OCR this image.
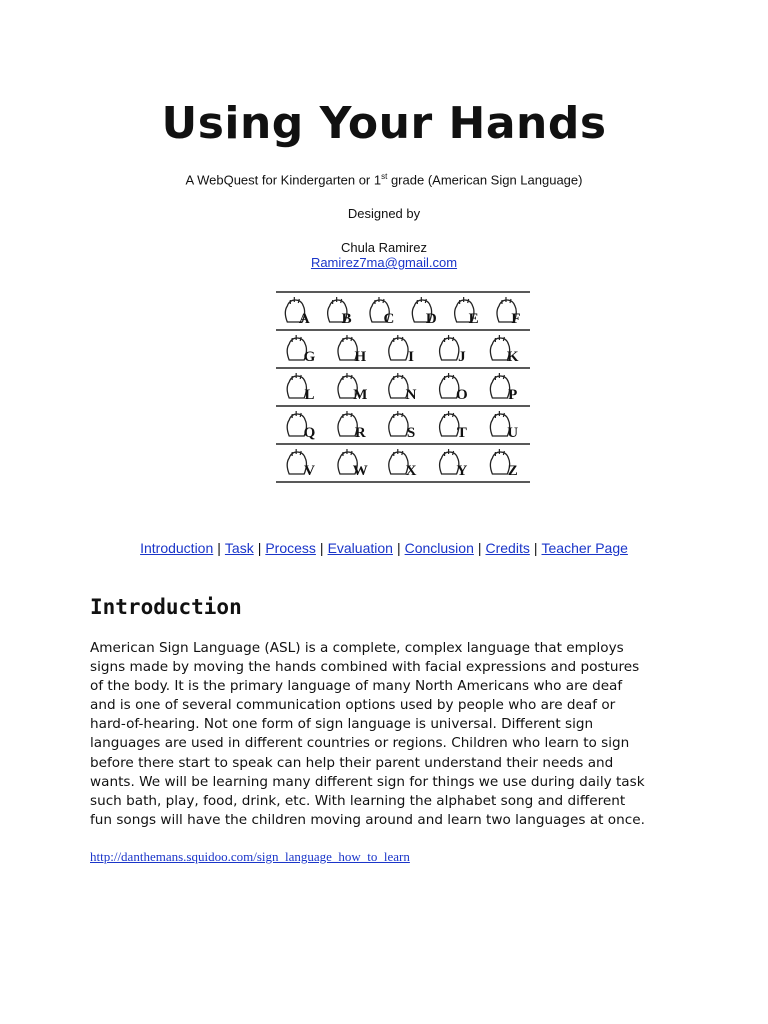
Using Your Hands
A WebQuest for Kindergarten or 1st grade (American Sign Language)
Designed by
Chula Ramirez
Ramirez7ma@gmail.com
A B C D E F
G	H	I	J	K
L	M	N	O	P
Q	R	S	T	U
V	W	X	Y	Z
Introduction | Task | Process | Evaluation | Conclusion | Credits | Teacher Page
Introduction

American Sign Language (ASL) is a complete, complex language that employs
signs made by moving the hands combined with facial expressions and postures
of the body. It is the primary language of many North Americans who are deaf
and is one of several communication options used by people who are deaf or
hard-of-hearing. Not one form of sign language is universal. Different sign
languages are used in different countries or regions. Children who learn to sign
before there start to speak can help their parent understand their needs and
wants. We will be learning many different sign for things we use during daily task
such bath, play, food, drink, etc. With learning the alphabet song and different
fun songs will have the children moving around and learn two languages at once.

http://danthemans.squidoo.com/sign_language_how_to_learn
